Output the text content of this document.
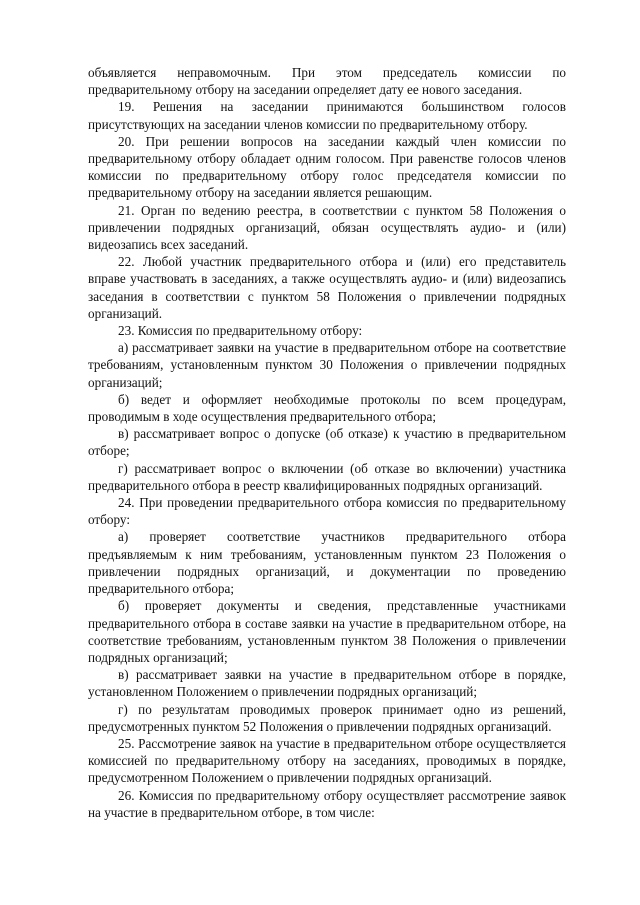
объявляется неправомочным. При этом председатель комиссии по предварительному отбору на заседании определяет дату ее нового заседания.

19. Решения на заседании принимаются большинством голосов присутствующих на заседании членов комиссии по предварительному отбору.

20. При решении вопросов на заседании каждый член комиссии по предварительному отбору обладает одним голосом. При равенстве голосов членов комиссии по предварительному отбору голос председателя комиссии по предварительному отбору на заседании является решающим.

21. Орган по ведению реестра, в соответствии с пунктом 58 Положения о привлечении подрядных организаций, обязан осуществлять аудио- и (или) видеозапись всех заседаний.

22. Любой участник предварительного отбора и (или) его представитель вправе участвовать в заседаниях, а также осуществлять аудио- и (или) видеозапись заседания в соответствии с пунктом 58 Положения о привлечении подрядных организаций.

23. Комиссия по предварительному отбору:

а) рассматривает заявки на участие в предварительном отборе на соответствие требованиям, установленным пунктом 30 Положения о привлечении подрядных организаций;

б) ведет и оформляет необходимые протоколы по всем процедурам, проводимым в ходе осуществления предварительного отбора;

в) рассматривает вопрос о допуске (об отказе) к участию в предварительном отборе;

г) рассматривает вопрос о включении (об отказе во включении) участника предварительного отбора в реестр квалифицированных подрядных организаций.

24. При проведении предварительного отбора комиссия по предварительному отбору:

а) проверяет соответствие участников предварительного отбора предъявляемым к ним требованиям, установленным пунктом 23 Положения о привлечении подрядных организаций, и документации по проведению предварительного отбора;

б) проверяет документы и сведения, представленные участниками предварительного отбора в составе заявки на участие в предварительном отборе, на соответствие требованиям, установленным пунктом 38 Положения о привлечении подрядных организаций;

в) рассматривает заявки на участие в предварительном отборе в порядке, установленном Положением о привлечении подрядных организаций;

г) по результатам проводимых проверок принимает одно из решений, предусмотренных пунктом 52 Положения о привлечении подрядных организаций.

25. Рассмотрение заявок на участие в предварительном отборе осуществляется комиссией по предварительному отбору на заседаниях, проводимых в порядке, предусмотренном Положением о привлечении подрядных организаций.

26. Комиссия по предварительному отбору осуществляет рассмотрение заявок на участие в предварительном отборе, в том числе:
